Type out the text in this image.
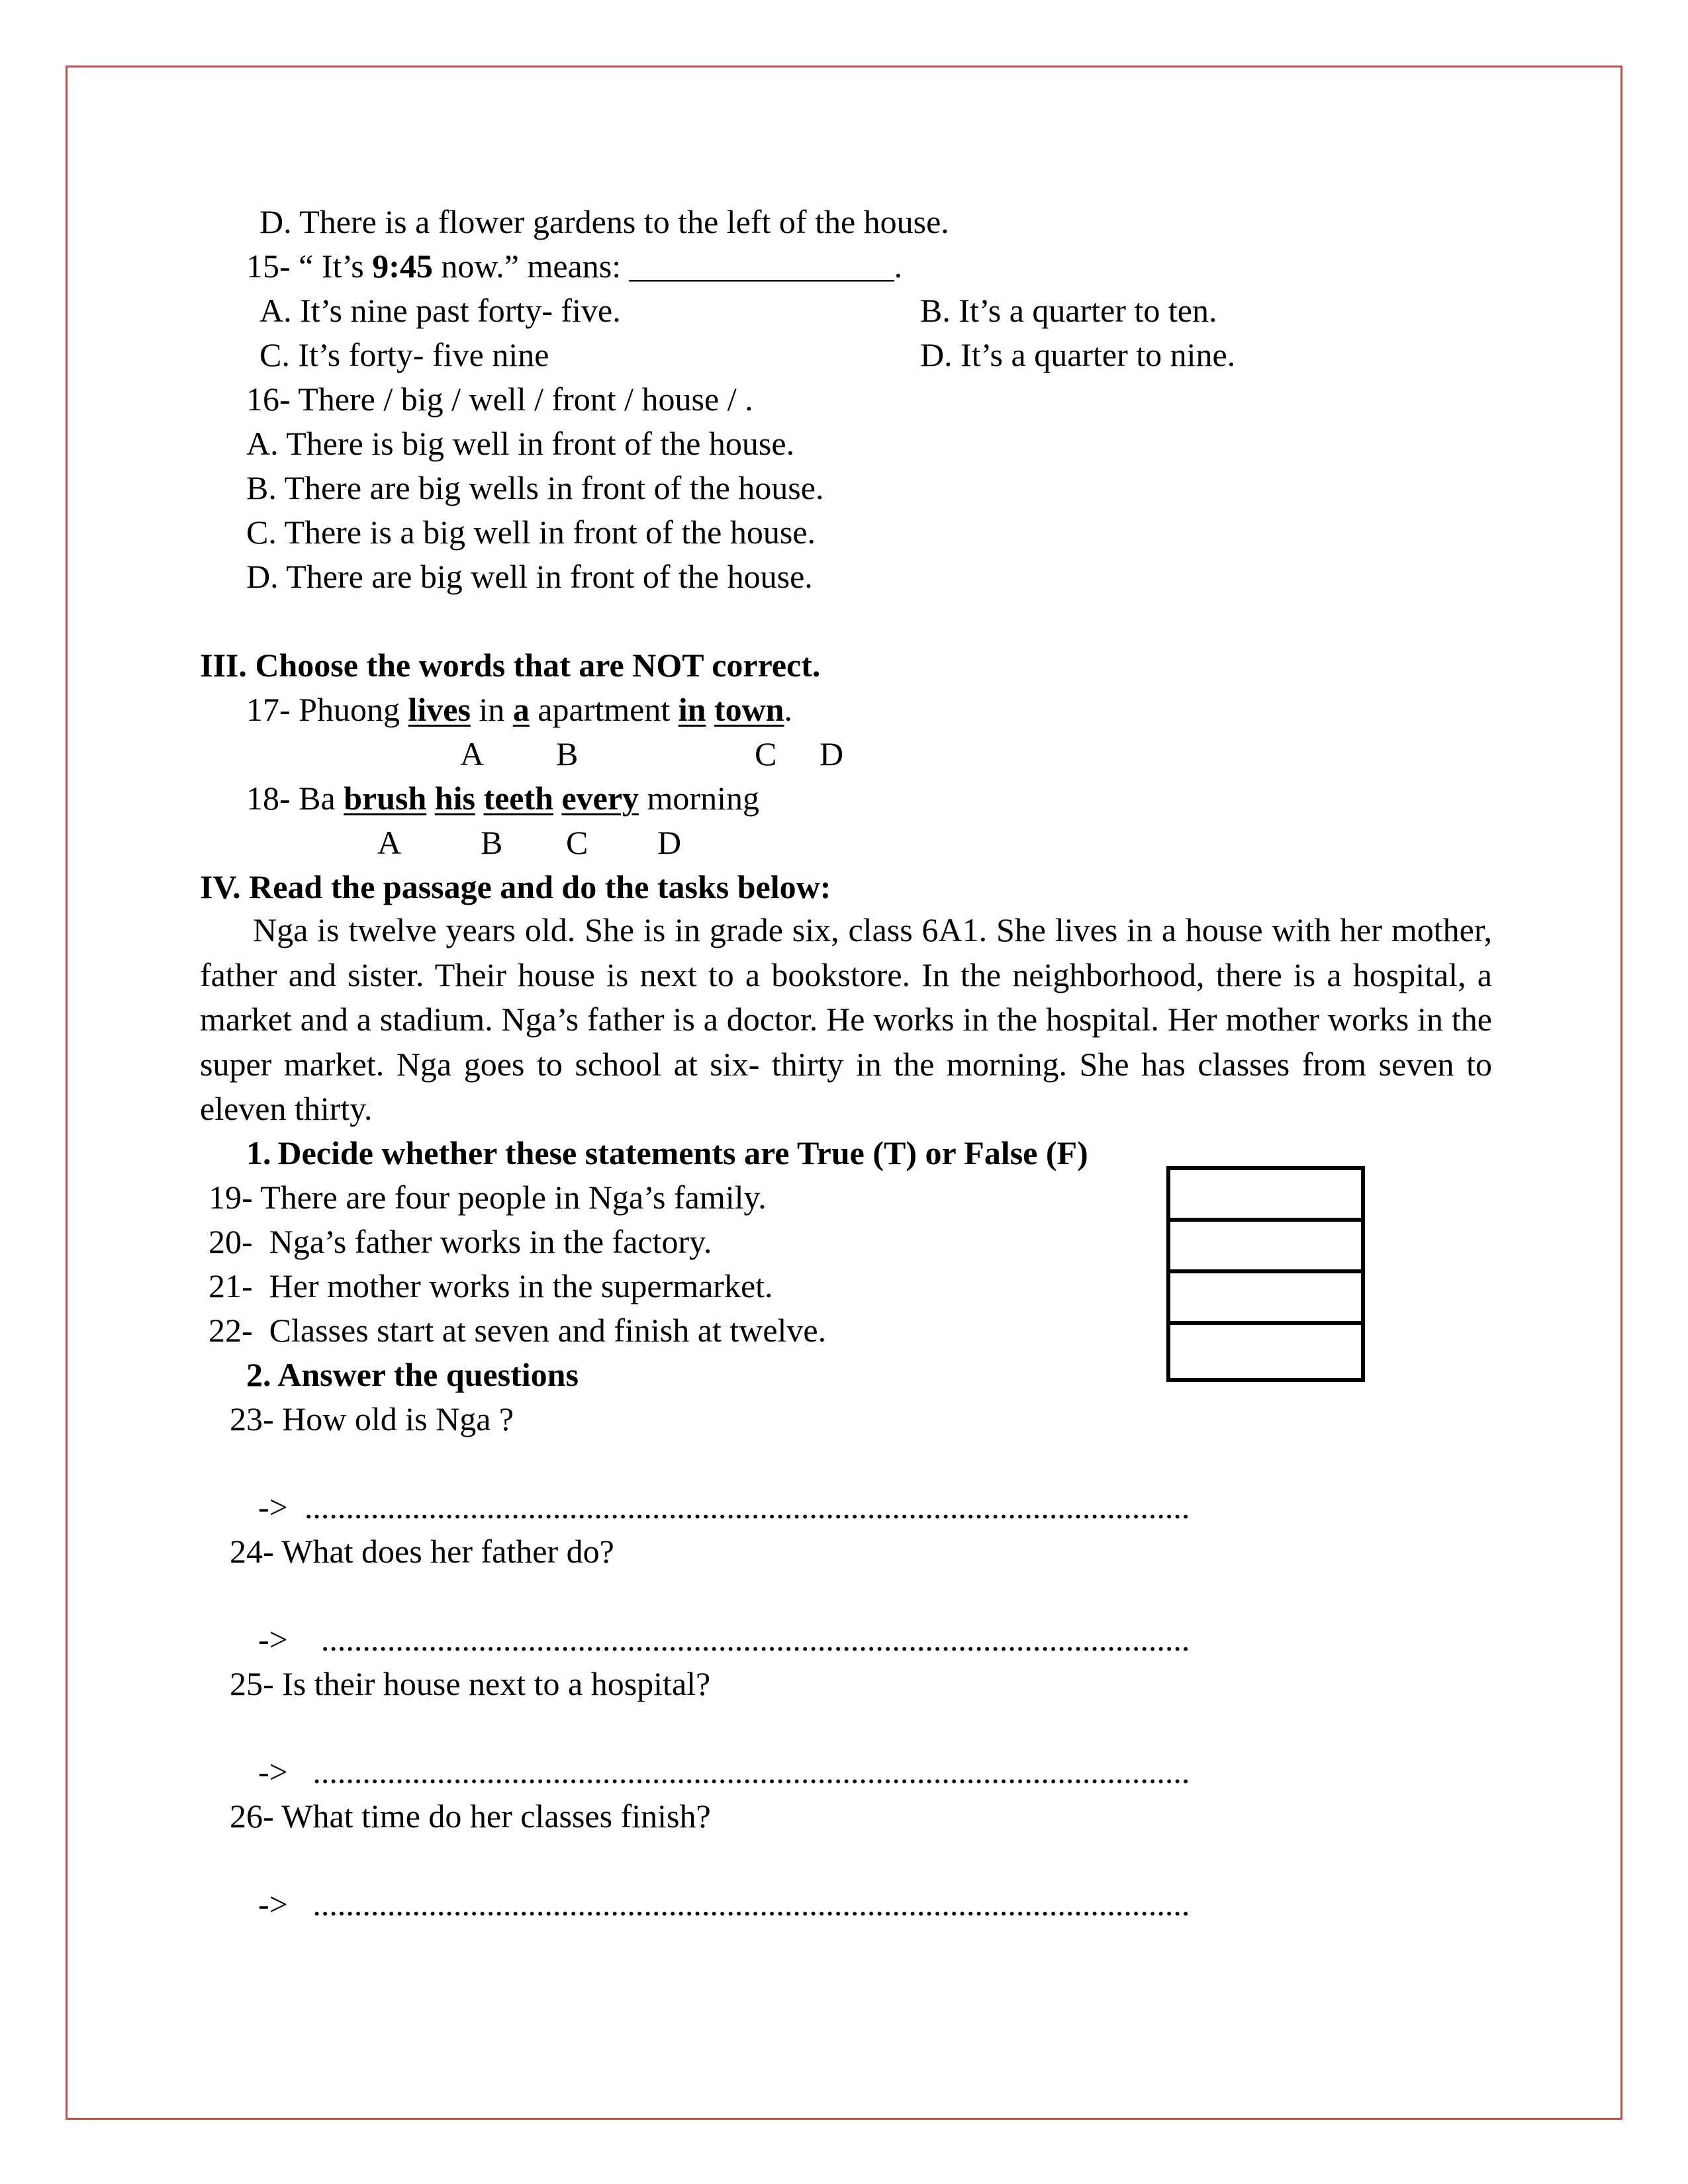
D. There is a flower gardens to the left of the house.
15- “ It’s 9:45 now.” means: ________________.
A. It’s nine past forty- five.	B. It’s a quarter to ten.
C. It’s forty- five nine	D. It’s a quarter to nine.
16- There / big / well / front / house / .
A. There is big well in front of the house.
B. There are big wells in front of the house.
C. There is a big well in front of the house.
D. There are big well in front of the house.
III. Choose the words that are NOT correct.
17- Phuong lives in a apartment in town.
A B	C D
18- Ba brush his teeth every morning
A B C D
IV. Read the passage and do the tasks below:
Nga is twelve years old. She is in grade six, class 6A1. She lives in a house with her mother, father and sister. Their house is next to a bookstore. In the neighborhood, there is a hospital, a market and a stadium. Nga’s father is a doctor. He works in the hospital. Her mother works in the super market. Nga goes to school at six- thirty in the morning. She has classes from seven to eleven thirty.
1. Decide whether these statements are True (T) or False (F)
19- There are four people in Nga’s family.
20-  Nga’s father works in the factory.
21-  Her mother works in the supermarket.
22-  Classes start at seven and finish at twelve.
2. Answer the questions
23- How old is Nga ?
->  ...........................................................................................................
24- What does her father do?
->    .........................................................................................................
25- Is their house next to a hospital?
->   ..........................................................................................................
26- What time do her classes finish?
->   ..........................................................................................................
